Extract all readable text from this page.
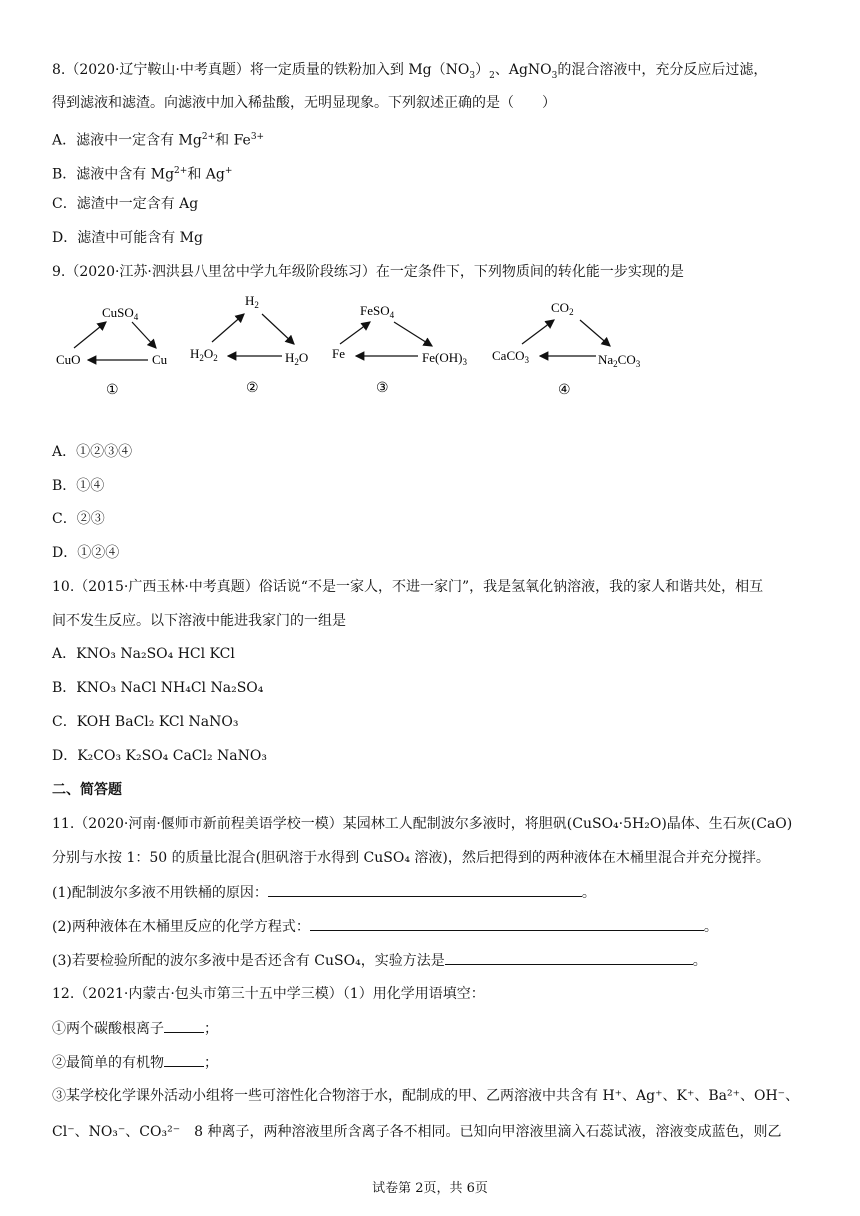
8.（2020·辽宁鞍山·中考真题）将一定质量的铁粉加入到 $Mg(NO_3)_2$、AgNO$_3$的混合溶液中，充分反应后过滤，
得到滤液和滤渣。向滤液中加入稀盐酸，无明显现象。下列叙述正确的是（　　）
A．滤液中一定含有 $Mg^{2+}$和 $Fe^{3+}$
B．滤液中含有 $Mg^{2+}$和 Ag+
C．滤渣中一定含有 Ag
D．滤渣中可能含有 Mg
9.（2020·江苏·泗洪县八里岔中学九年级阶段练习）在一定条件下，下列物质间的转化能一步实现的是
CuSO$_4$
CuO	Cu
①
$H_2$
$H_2O_2$	$H_2O$
②
FeSO$_4$
Fe	$Fe(OH)_3$
③
$CO_2$
CaCO$_3$	$Na_2CO_3$
④
A．①②③④
B．①④
C．②③
D．①②④
10.（2015·广西玉林·中考真题）俗话说“不是一家人，不进一家门”，我是氢氧化钠溶液，我的家人和谐共处，相互
间不发生反应。以下溶液中能进我家门的一组是
A．KNO₃ Na₂SO₄ HCl KCl
B．KNO₃ NaCl NH₄Cl Na₂SO₄
C．KOH BaCl₂ KCl NaNO₃
D．K₂CO₃ K₂SO₄ CaCl₂ NaNO₃
二、简答题
11.（2020·河南·偃师市新前程美语学校一模）某园林工人配制波尔多液时，将胆矾(CuSO₄·5H₂O)晶体、生石灰(CaO)
分别与水按 1：50 的质量比混合(胆矾溶于水得到 CuSO₄ 溶液)，然后把得到的两种液体在木桶里混合并充分搅拌。
(1)配制波尔多液不用铁桶的原因：	。
(2)两种液体在木桶里反应的化学方程式：	。
(3)若要检验所配的波尔多液中是否还含有 CuSO₄，实验方法是	。
12.（2021·内蒙古·包头市第三十五中学三模）（1）用化学用语填空：
①两个碳酸根离子	；
②最简单的有机物	；
③某学校化学课外活动小组将一些可溶性化合物溶于水，配制成的甲、乙两溶液中共含有 H⁺、Ag⁺、K⁺、Ba²⁺、OH⁻、
Cl⁻、NO₃⁻、CO₃²⁻　8 种离子，两种溶液里所含离子各不相同。已知向甲溶液里滴入石蕊试液，溶液变成蓝色，则乙
试卷第 2页，共 6页
